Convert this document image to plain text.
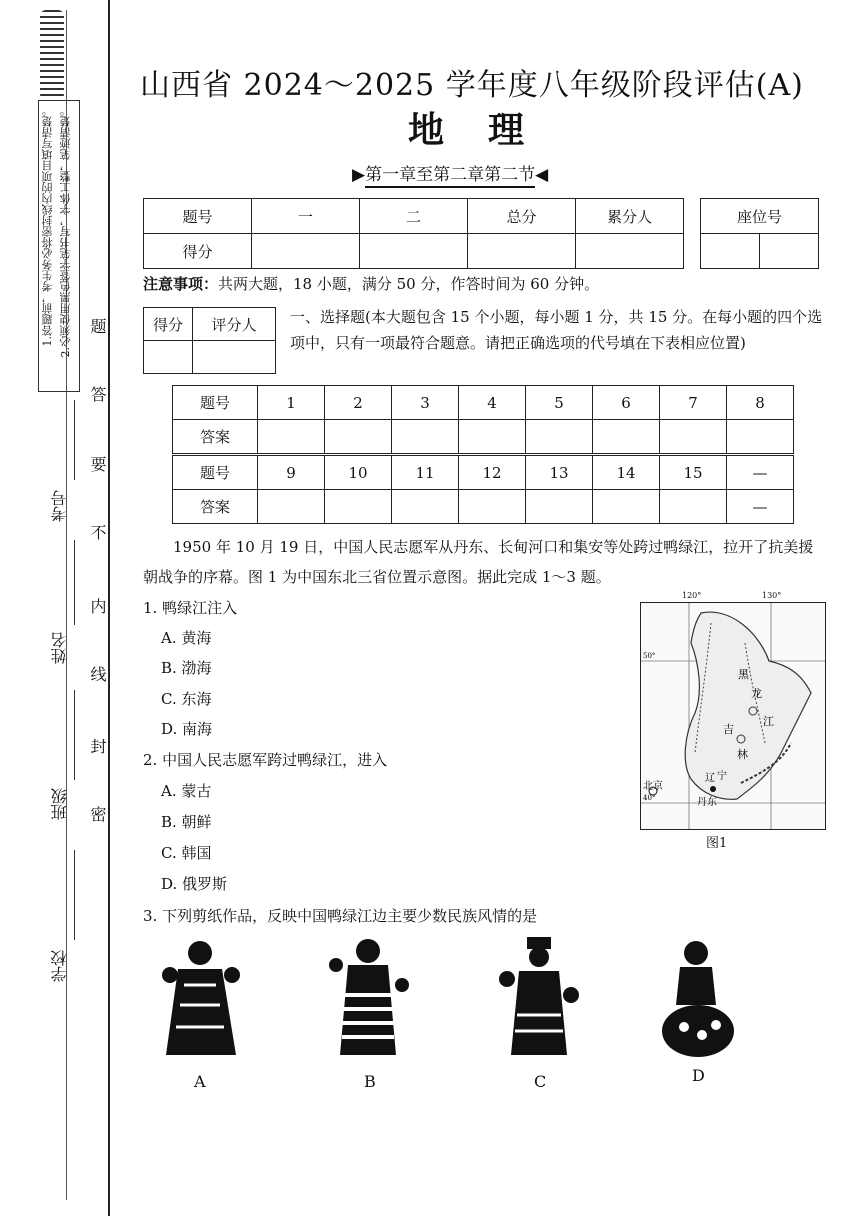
1.答题前，考生务必将密封线内的项目填写清楚。 2.必须使用黑色签字笔书写，字体工整，笔迹清楚。 题
答
要
不
内
线
封
密
考号
姓名
班级
学校
山西省 2024～2025 学年度八年级阶段评估(A)
地理
▶第一章至第二章第二节◀
题号	一	二	总分	累分人
得分				
座位号

注意事项：共两大题，18 小题，满分 50 分，作答时间为 60 分钟。
得分	评分人
	一、选择题(本大题包含 15 个小题，每小题 1 分，共 15 分。在每小题的四个选项中，只有一项最符合题意。请把正确选项的代号填在下表相应位置)
题号	1	2	3	4	5	6	7	8
答案								
题号	9	10	11	12	13	14	15	—
答案								—
1950 年 10 月 19 日，中国人民志愿军从丹东、长甸河口和集安等处跨过鸭绿江，拉开了抗美援朝战争的序幕。图 1 为中国东北三省位置示意图。据此完成 1～3 题。
1. 鸭绿江注入
A. 黄海
B. 渤海
C. 东海
D. 南海
2. 中国人民志愿军跨过鸭绿江，进入
A. 蒙古
B. 朝鲜
C. 韩国
D. 俄罗斯
3. 下列剪纸作品，反映中国鸭绿江边主要少数民族风情的是
50°
40°
黑
龙
江
吉
林
辽 宁
北京
丹东
120°	130°
图1
A	B	C	D
